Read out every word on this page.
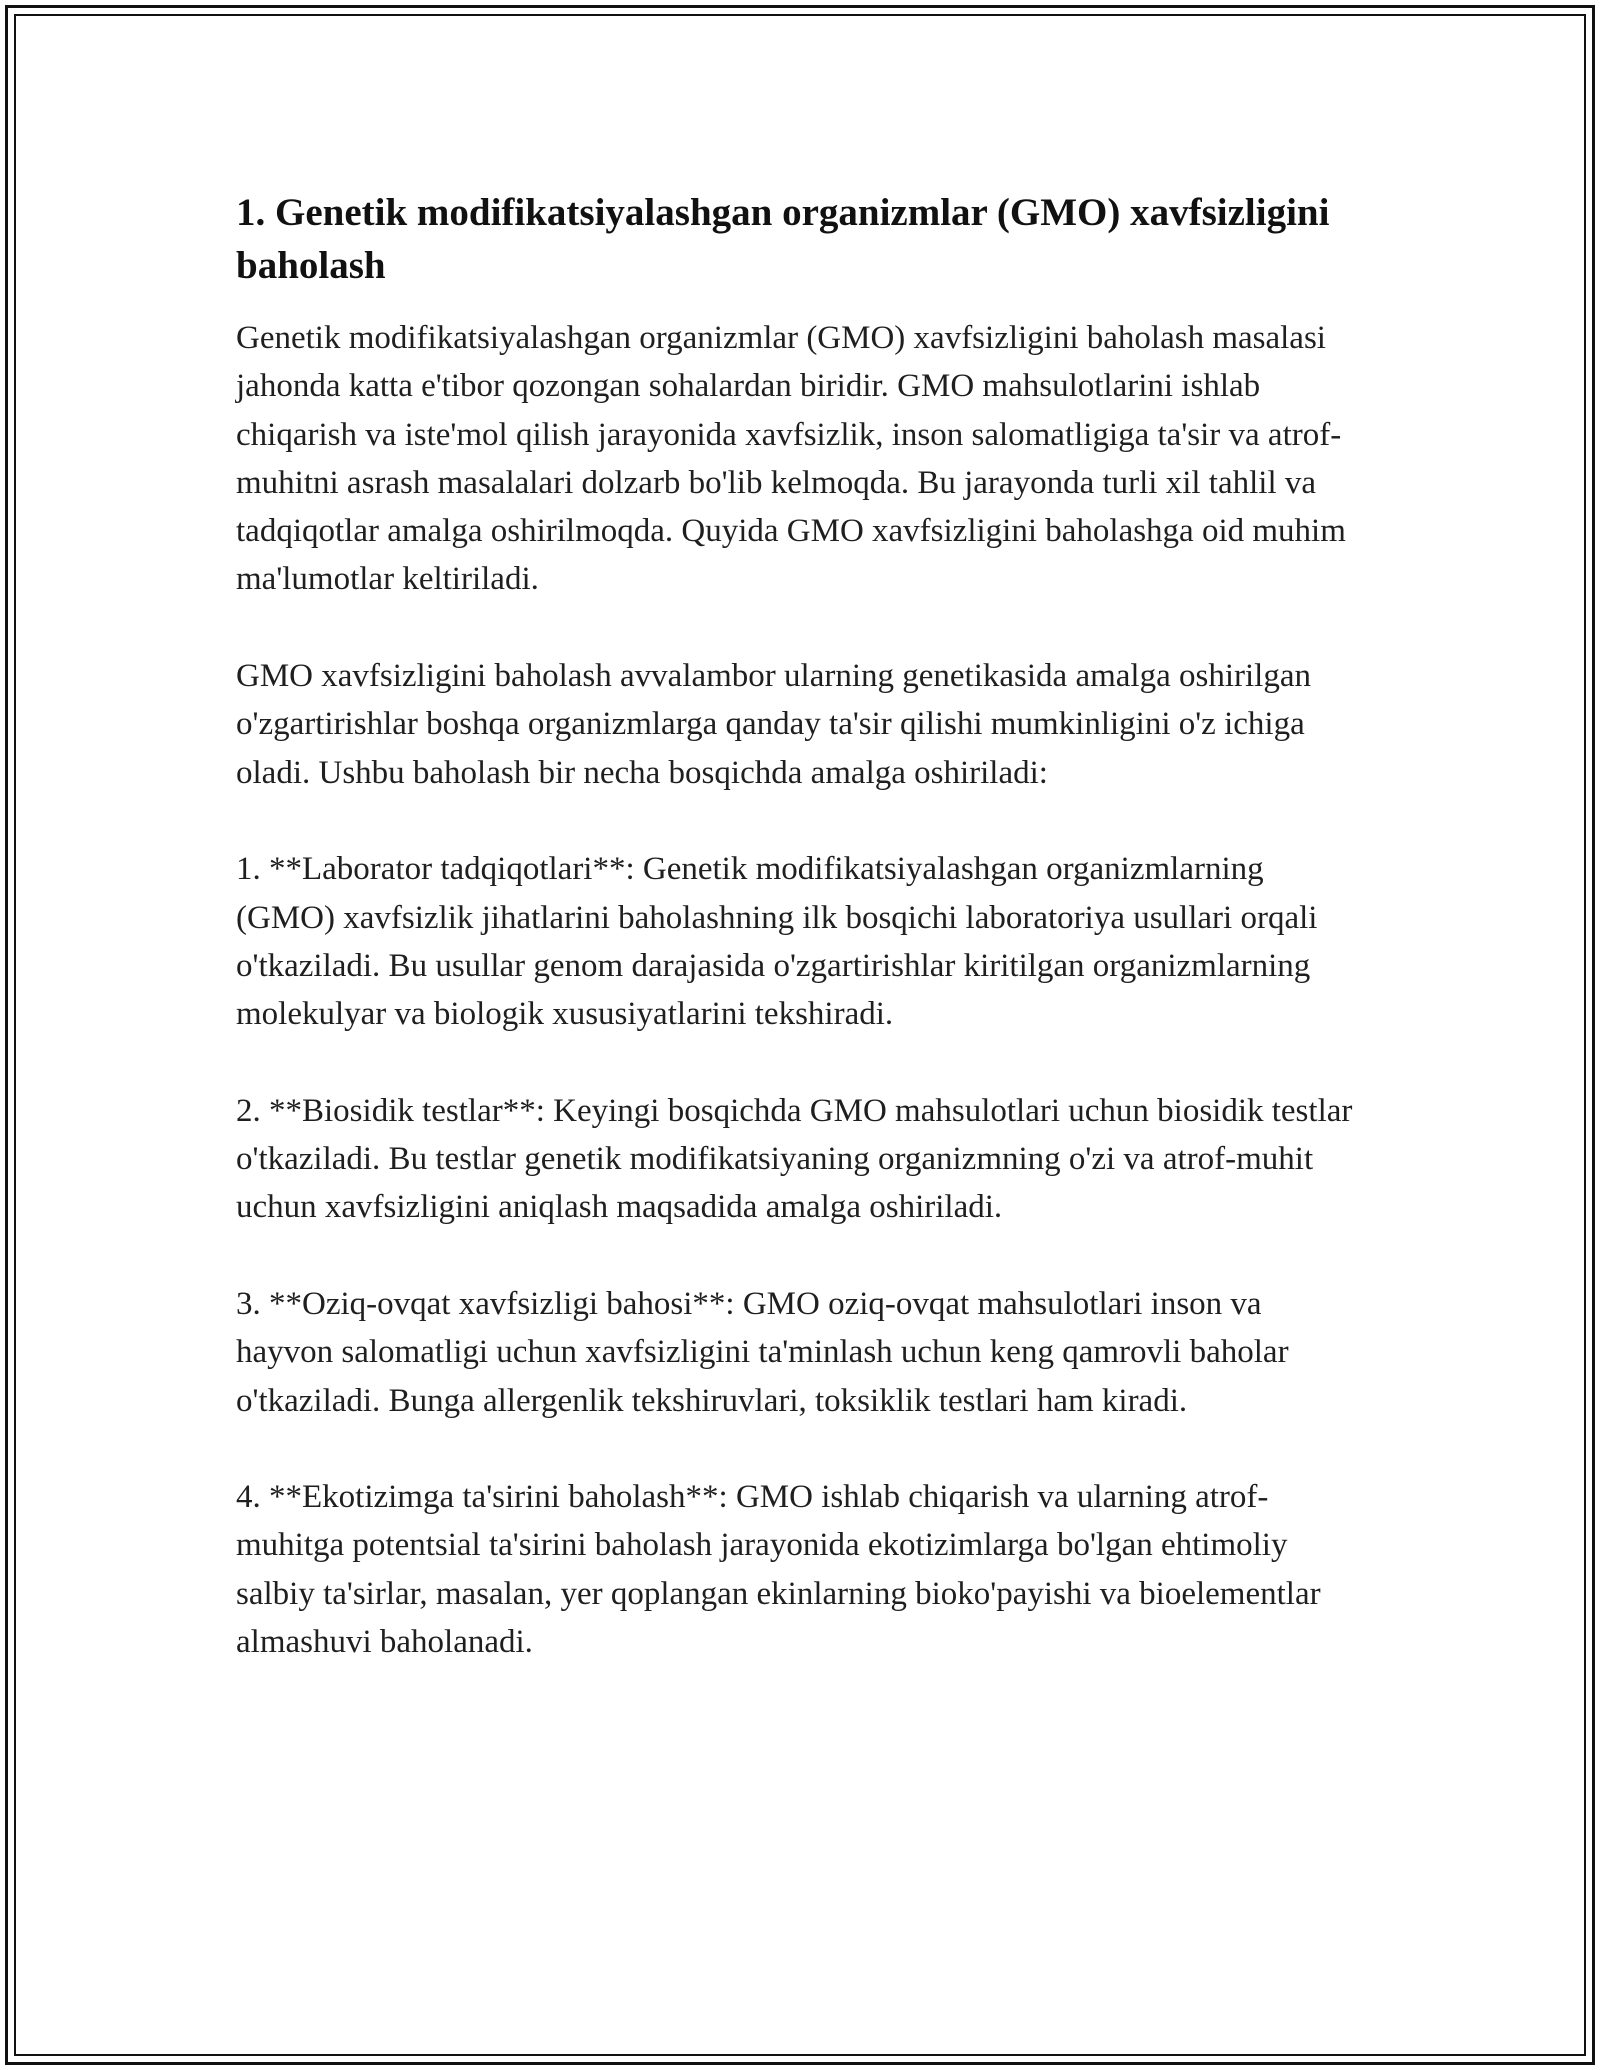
1. Genetik modifikatsiyalashgan organizmlar (GMO) xavfsizligini baholash

Genetik modifikatsiyalashgan organizmlar (GMO) xavfsizligini baholash masalasi jahonda katta e'tibor qozongan sohalardan biridir. GMO mahsulotlarini ishlab chiqarish va iste'mol qilish jarayonida xavfsizlik, inson salomatligiga ta'sir va atrof-muhitni asrash masalalari dolzarb bo'lib kelmoqda. Bu jarayonda turli xil tahlil va tadqiqotlar amalga oshirilmoqda. Quyida GMO xavfsizligini baholashga oid muhim ma'lumotlar keltiriladi.

GMO xavfsizligini baholash avvalambor ularning genetikasida amalga oshirilgan o'zgartirishlar boshqa organizmlarga qanday ta'sir qilishi mumkinligini o'z ichiga oladi. Ushbu baholash bir necha bosqichda amalga oshiriladi:

1. **Laborator tadqiqotlari**: Genetik modifikatsiyalashgan organizmlarning (GMO) xavfsizlik jihatlarini baholashning ilk bosqichi laboratoriya usullari orqali o'tkaziladi. Bu usullar genom darajasida o'zgartirishlar kiritilgan organizmlarning molekulyar va biologik xususiyatlarini tekshiradi.

2. **Biosidik testlar**: Keyingi bosqichda GMO mahsulotlari uchun biosidik testlar o'tkaziladi. Bu testlar genetik modifikatsiyaning organizmning o'zi va atrof-muhit uchun xavfsizligini aniqlash maqsadida amalga oshiriladi.

3. **Oziq-ovqat xavfsizligi bahosi**: GMO oziq-ovqat mahsulotlari inson va hayvon salomatligi uchun xavfsizligini ta'minlash uchun keng qamrovli baholar o'tkaziladi. Bunga allergenlik tekshiruvlari, toksiklik testlari ham kiradi.

4. **Ekotizimga ta'sirini baholash**: GMO ishlab chiqarish va ularning atrof-muhitga potentsial ta'sirini baholash jarayonida ekotizimlarga bo'lgan ehtimoliy salbiy ta'sirlar, masalan, yer qoplangan ekinlarning bioko'payishi va bioelementlar almashuvi baholanadi.
